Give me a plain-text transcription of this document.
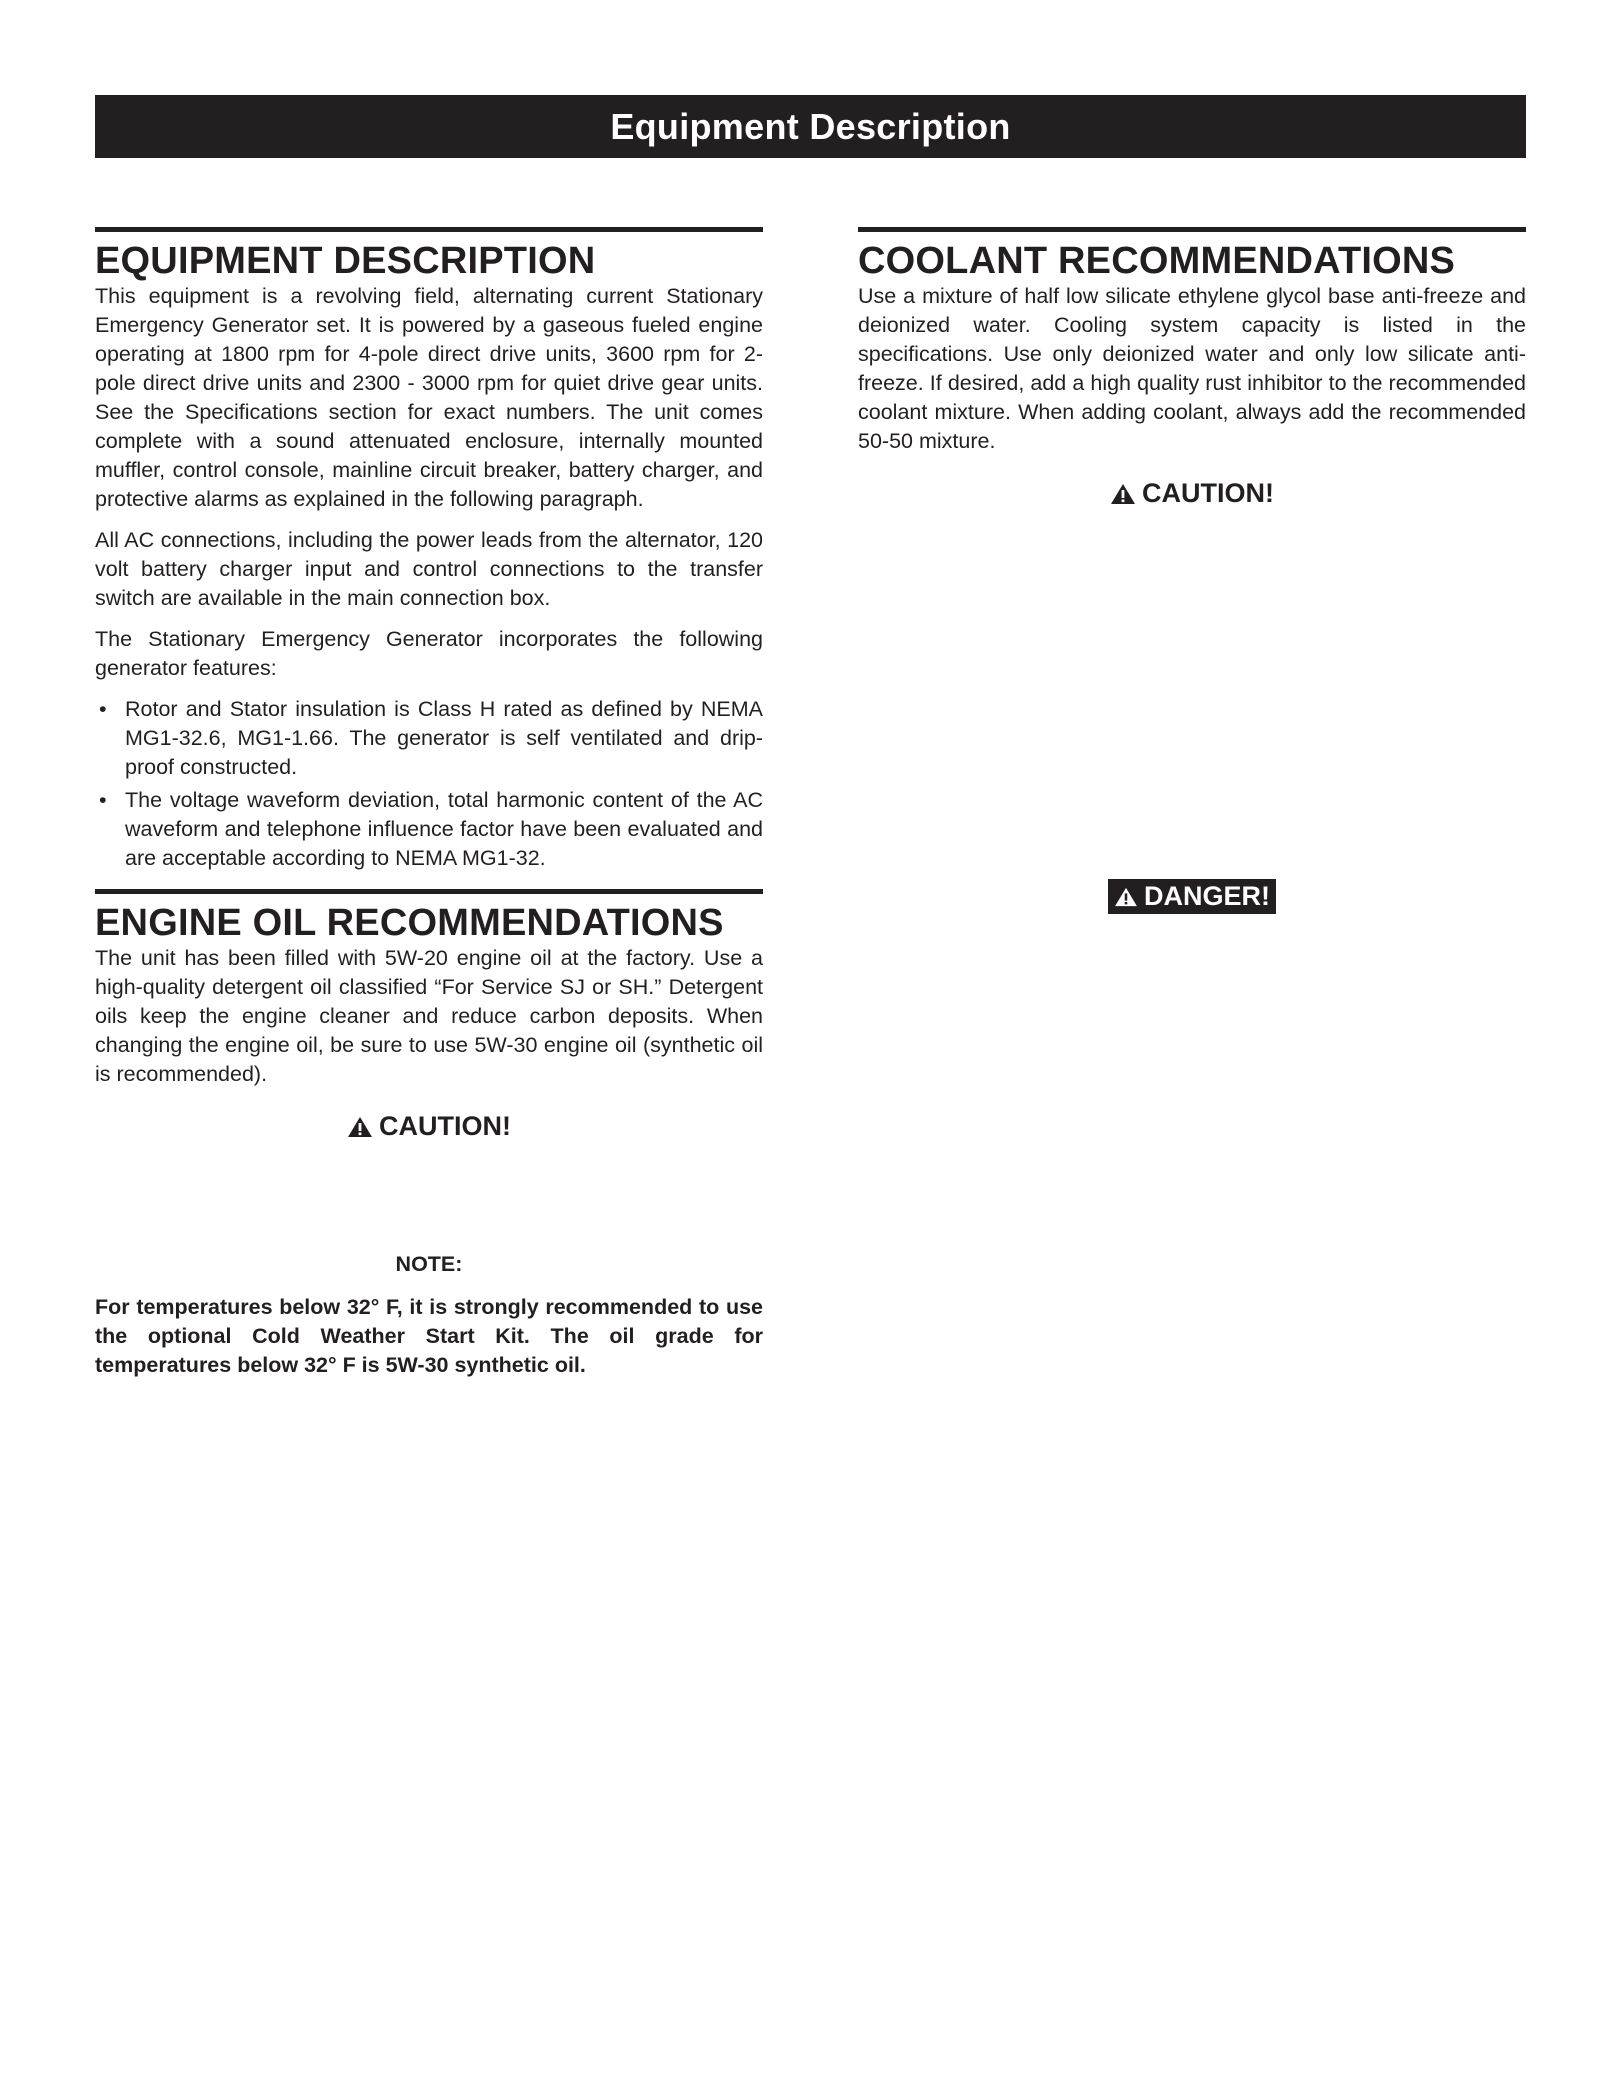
Equipment Description
EQUIPMENT DESCRIPTION

This equipment is a revolving field, alternating current Stationary Emergency Generator set. It is powered by a gaseous fueled engine operating at 1800 rpm for 4-pole direct drive units, 3600 rpm for 2-pole direct drive units and 2300 - 3000 rpm for quiet drive gear units. See the Specifications section for exact numbers. The unit comes complete with a sound attenuated enclosure, internally mounted muffler, control console, mainline circuit breaker, battery charger, and protective alarms as explained in the following paragraph.

All AC connections, including the power leads from the alternator, 120 volt battery charger input and control connections to the transfer switch are available in the main connection box.

The Stationary Emergency Generator incorporates the following generator features:

• Rotor and Stator insulation is Class H rated as defined by NEMA MG1-32.6, MG1-1.66. The generator is self ventilated and drip-proof constructed.
• The voltage waveform deviation, total harmonic content of the AC waveform and telephone influence factor have been evaluated and are acceptable according to NEMA MG1-32.
ENGINE OIL RECOMMENDATIONS

The unit has been filled with 5W-20 engine oil at the factory. Use a high-quality detergent oil classified “For Service SJ or SH.” Detergent oils keep the engine cleaner and reduce carbon deposits. When changing the engine oil, be sure to use 5W-30 engine oil (synthetic oil is recommended).

CAUTION!

NOTE:

For temperatures below 32° F, it is strongly recommended to use the optional Cold Weather Start Kit. The oil grade for temperatures below 32° F is 5W-30 synthetic oil.

COOLANT RECOMMENDATIONS

Use a mixture of half low silicate ethylene glycol base anti-freeze and deionized water. Cooling system capacity is listed in the specifications. Use only deionized water and only low silicate anti-freeze. If desired, add a high quality rust inhibitor to the recommended coolant mixture. When adding coolant, always add the recommended 50-50 mixture.

CAUTION!
DANGER!
